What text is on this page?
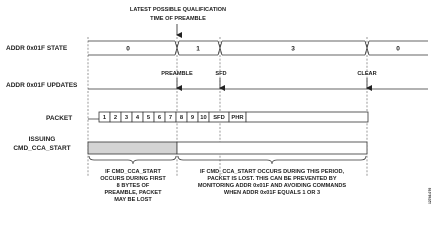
LATEST POSSIBLE QUALIFICATION
TIME OF PREAMBLE
ADDR 0x01F STATE
ADDR 0x01F UPDATES
PACKET
ISSUING
CMD_CCA_START
0	1	3	0
PREAMBLE	SFD	CLEAR
1 2 3 4 5 6 7 8 9 10 SFD PHR
IF CMD_CCA_START
OCCURS DURING FIRST
8 BYTES OF
PREAMBLE, PACKET
MAY BE LOST
IF CMD_CCA_START OCCURS DURING THIS PERIOD,
PACKET IS LOST. THIS CAN BE PREVENTED BY
MONITORING ADDR 0x01F AND AVOIDING COMMANDS
WHEN ADDR 0x01F EQUALS 1 OR 3	12746-076
